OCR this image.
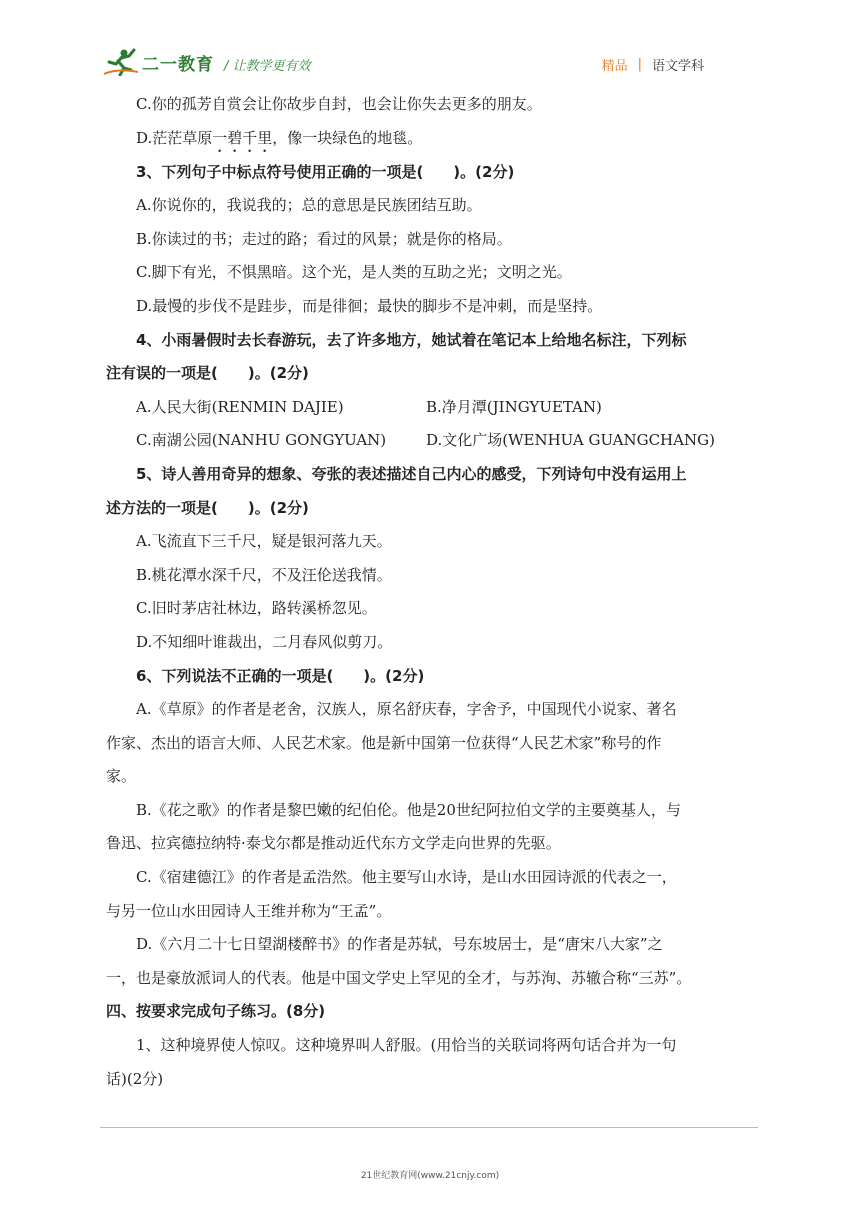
二一教育 / 让教学更有效	精品 | 语文学科
C.你的孤芳自赏会让你故步自封，也会让你失去更多的朋友。
D.茫茫草原一碧千里，像一块绿色的地毯。
3、下列句子中标点符号使用正确的一项是(　　)。(2分)
A.你说你的，我说我的；总的意思是民族团结互助。
B.你读过的书；走过的路；看过的风景；就是你的格局。
C.脚下有光，不惧黑暗。这个光，是人类的互助之光；文明之光。
D.最慢的步伐不是跬步，而是徘徊；最快的脚步不是冲刺，而是坚持。
4、小雨暑假时去长春游玩，去了许多地方，她试着在笔记本上给地名标注，下列标
注有误的一项是(　　)。(2分)
A.人民大街(RENMIN DAJIE)	B.净月潭(JINGYUETAN)
C.南湖公园(NANHU GONGYUAN)	D.文化广场(WENHUA GUANGCHANG)
5、诗人善用奇异的想象、夸张的表述描述自己内心的感受，下列诗句中没有运用上
述方法的一项是(　　)。(2分)
A.飞流直下三千尺，疑是银河落九天。
B.桃花潭水深千尺，不及汪伦送我情。
C.旧时茅店社林边，路转溪桥忽见。
D.不知细叶谁裁出，二月春风似剪刀。
6、下列说法不正确的一项是(　　)。(2分)
A.《草原》的作者是老舍，汉族人，原名舒庆春，字舍予，中国现代小说家、著名
作家、杰出的语言大师、人民艺术家。他是新中国第一位获得“人民艺术家”称号的作
家。
B.《花之歌》的作者是黎巴嫩的纪伯伦。他是20世纪阿拉伯文学的主要奠基人，与
鲁迅、拉宾德拉纳特·泰戈尔都是推动近代东方文学走向世界的先驱。
C.《宿建德江》的作者是孟浩然。他主要写山水诗，是山水田园诗派的代表之一，
与另一位山水田园诗人王维并称为“王孟”。
D.《六月二十七日望湖楼醉书》的作者是苏轼，号东坡居士，是“唐宋八大家”之
一，也是豪放派词人的代表。他是中国文学史上罕见的全才，与苏洵、苏辙合称“三苏”。
四、按要求完成句子练习。(8分)
1、这种境界使人惊叹。这种境界叫人舒服。(用恰当的关联词将两句话合并为一句
话)(2分)
21世纪教育网(www.21cnjy.com)
